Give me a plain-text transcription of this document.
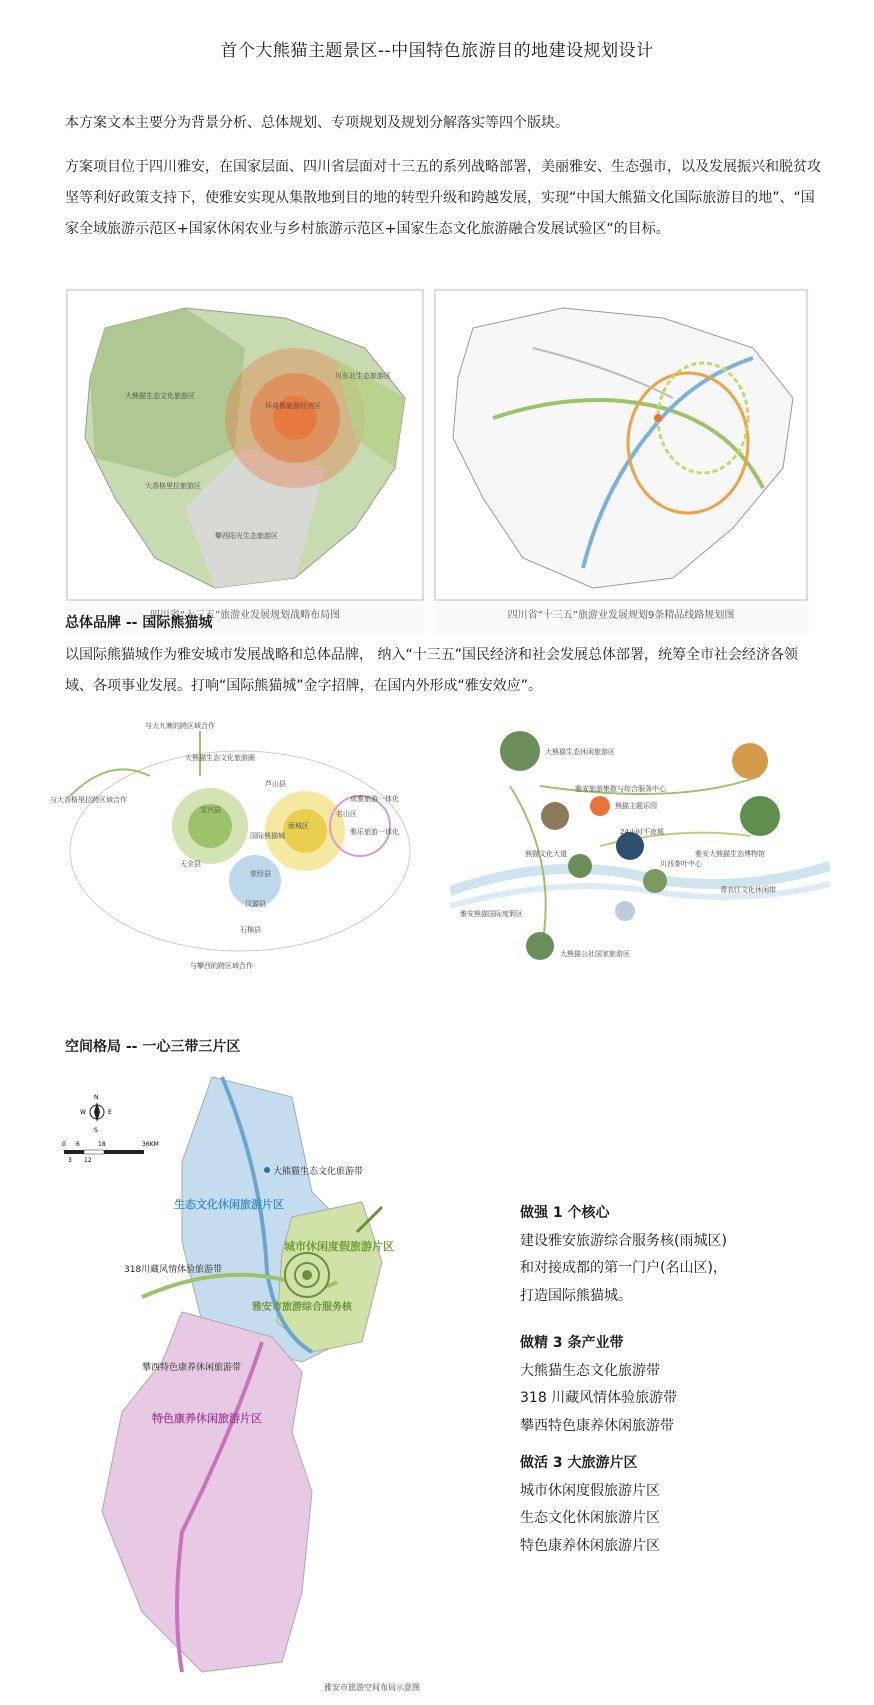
首个大熊猫主题景区--中国特色旅游目的地建设规划设计
本方案文本主要分为背景分析、总体规划、专项规划及规划分解落实等四个版块。
方案项目位于四川雅安，在国家层面、四川省层面对十三五的系列战略部署，美丽雅安、生态强市，以及发展振兴和脱贫攻坚等利好政策支持下，使雅安实现从集散地到目的地的转型升级和跨越发展，实现“中国大熊猫文化国际旅游目的地”、“国家全域旅游示范区+国家休闲农业与乡村旅游示范区+国家生态文化旅游融合发展试验区“的目标。
大熊猫生态文化旅游区
环成都旅游经济区
大香格里拉旅游区
攀西阳光生态旅游区
川东北生态旅游区
四川省“十三五”旅游业发展规划战略布局图	四川省“十三五”旅游业发展规划9条精品线路规划图
总体品牌 -- 国际熊猫城
以国际熊猫城作为雅安城市发展战略和总体品牌， 纳入“十三五”国民经济和社会发展总体部署，统筹全市社会经济各领域、各项事业发展。打响“国际熊猫城”金字招牌，在国内外形成“雅安效应”。
与大九寨的跨区域合作
大熊猫生态文化旅游圈
芦山县
与大香格里拉跨区域合作
宝兴县
国际熊猫城
雨城区
名山区
天全县
荥经县
汉源县
石棉县
与攀西的跨区域合作
成雅旅游一体化
雅乐旅游一体化
大熊猫生态休闲旅游区
雅安旅游集散与综合服务中心
熊猫主题乐园
24小时不夜城
熊猫文化大道
川西茶叶中心
雅安大熊猫生态博物馆
青衣江文化休闲带
大熊猫公社国家旅游区
雅安熊猫国际度假区
空间格局 -- 一心三带三片区
生态文化休闲旅游片区
城市休闲度假旅游片区
特色康养休闲旅游片区
大熊猫生态文化旅游带
318川藏风情体验旅游带
攀西特色康养休闲旅游带
雅安市旅游综合服务核
N
S
E
W
0 6	18	36KM
3 12
雅安市旅游空间布局示意图
做强 1 个核心
建设雅安旅游综合服务核(雨城区)
和对接成都的第一门户(名山区)，
打造国际熊猫城。
做精 3 条产业带
大熊猫生态文化旅游带
318 川藏风情体验旅游带
攀西特色康养休闲旅游带
做活 3 大旅游片区
城市休闲度假旅游片区
生态文化休闲旅游片区
特色康养休闲旅游片区
